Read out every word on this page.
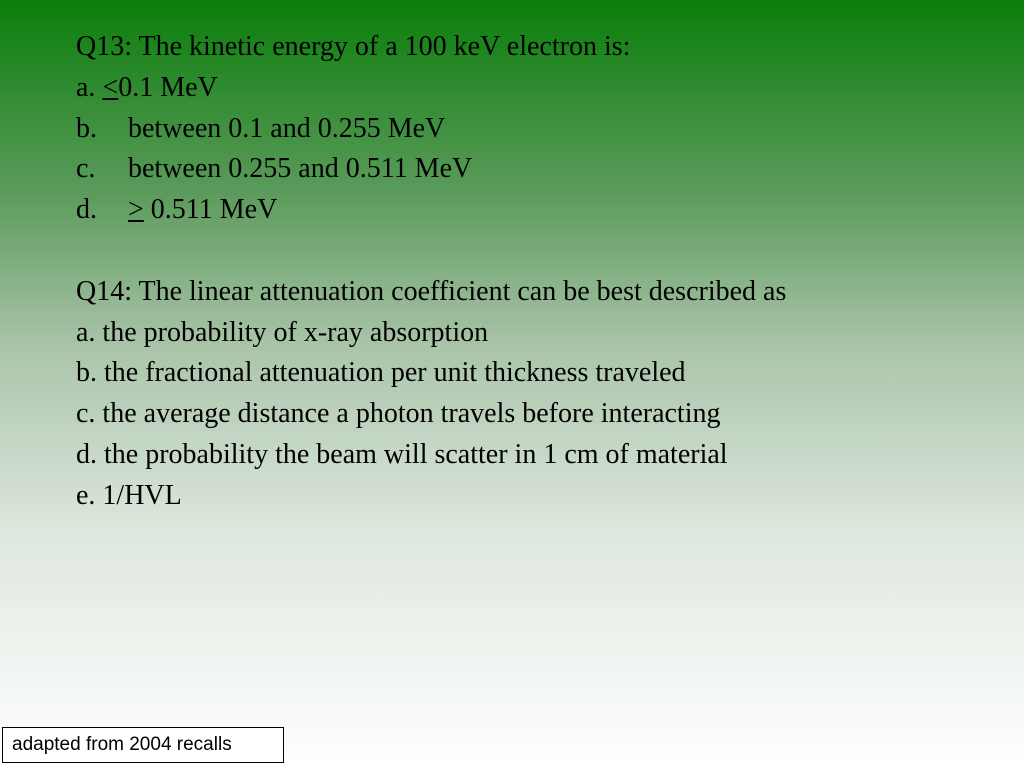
Q13: The kinetic energy of a 100 keV electron is:
a. <0.1 MeV
b. between 0.1 and 0.255 MeV
c. between 0.255 and 0.511 MeV
d. > 0.511 MeV
Q14: The linear attenuation coefficient can be best described as
a. the probability of x-ray absorption
b. the fractional attenuation per unit thickness traveled
c. the average distance a photon travels before interacting
d. the probability the beam will scatter in 1 cm of material
e. 1/HVL
adapted from 2004 recalls
